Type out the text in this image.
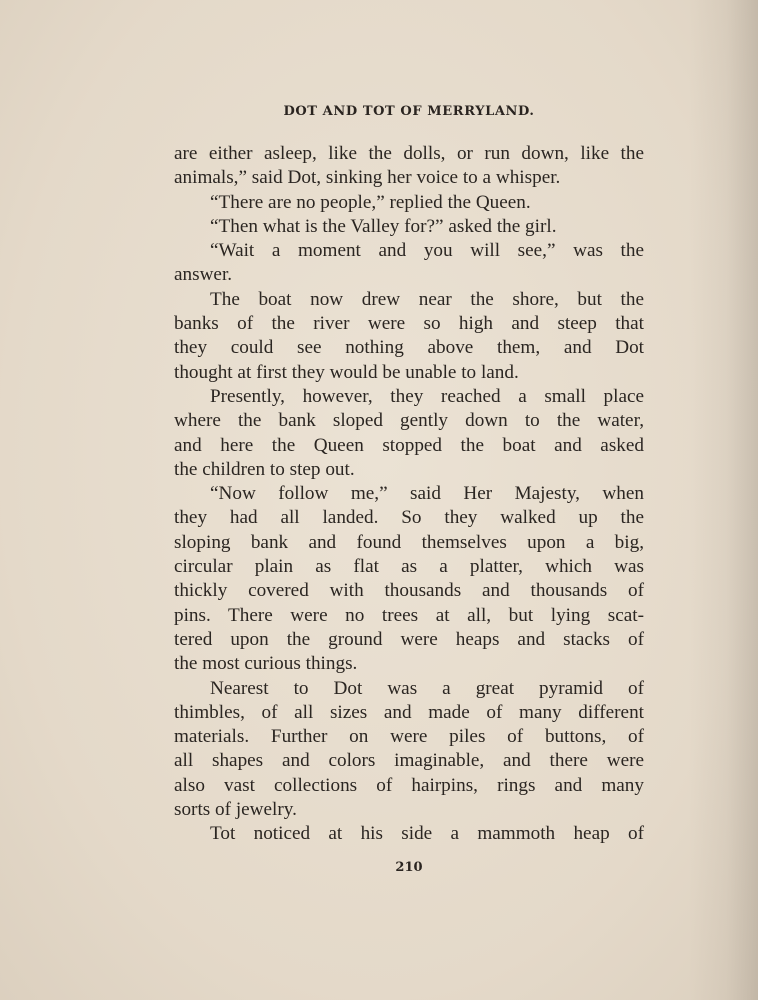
DOT AND TOT OF MERRYLAND.
are either asleep, like the dolls, or run down, like the
animals,” said Dot, sinking her voice to a whisper.
“There are no people,” replied the Queen.
“Then what is the Valley for?” asked the girl.
“Wait a moment and you will see,” was the
answer.
The boat now drew near the shore, but the
banks of the river were so high and steep that
they could see nothing above them, and Dot
thought at first they would be unable to land.
Presently, however, they reached a small place
where the bank sloped gently down to the water,
and here the Queen stopped the boat and asked
the children to step out.
“Now follow me,” said Her Majesty, when
they had all landed. So they walked up the
sloping bank and found themselves upon a big,
circular plain as flat as a platter, which was
thickly covered with thousands and thousands of
pins. There were no trees at all, but lying scat-
tered upon the ground were heaps and stacks of
the most curious things.
Nearest to Dot was a great pyramid of
thimbles, of all sizes and made of many different
materials. Further on were piles of buttons, of
all shapes and colors imaginable, and there were
also vast collections of hairpins, rings and many
sorts of jewelry.
Tot noticed at his side a mammoth heap of
210
